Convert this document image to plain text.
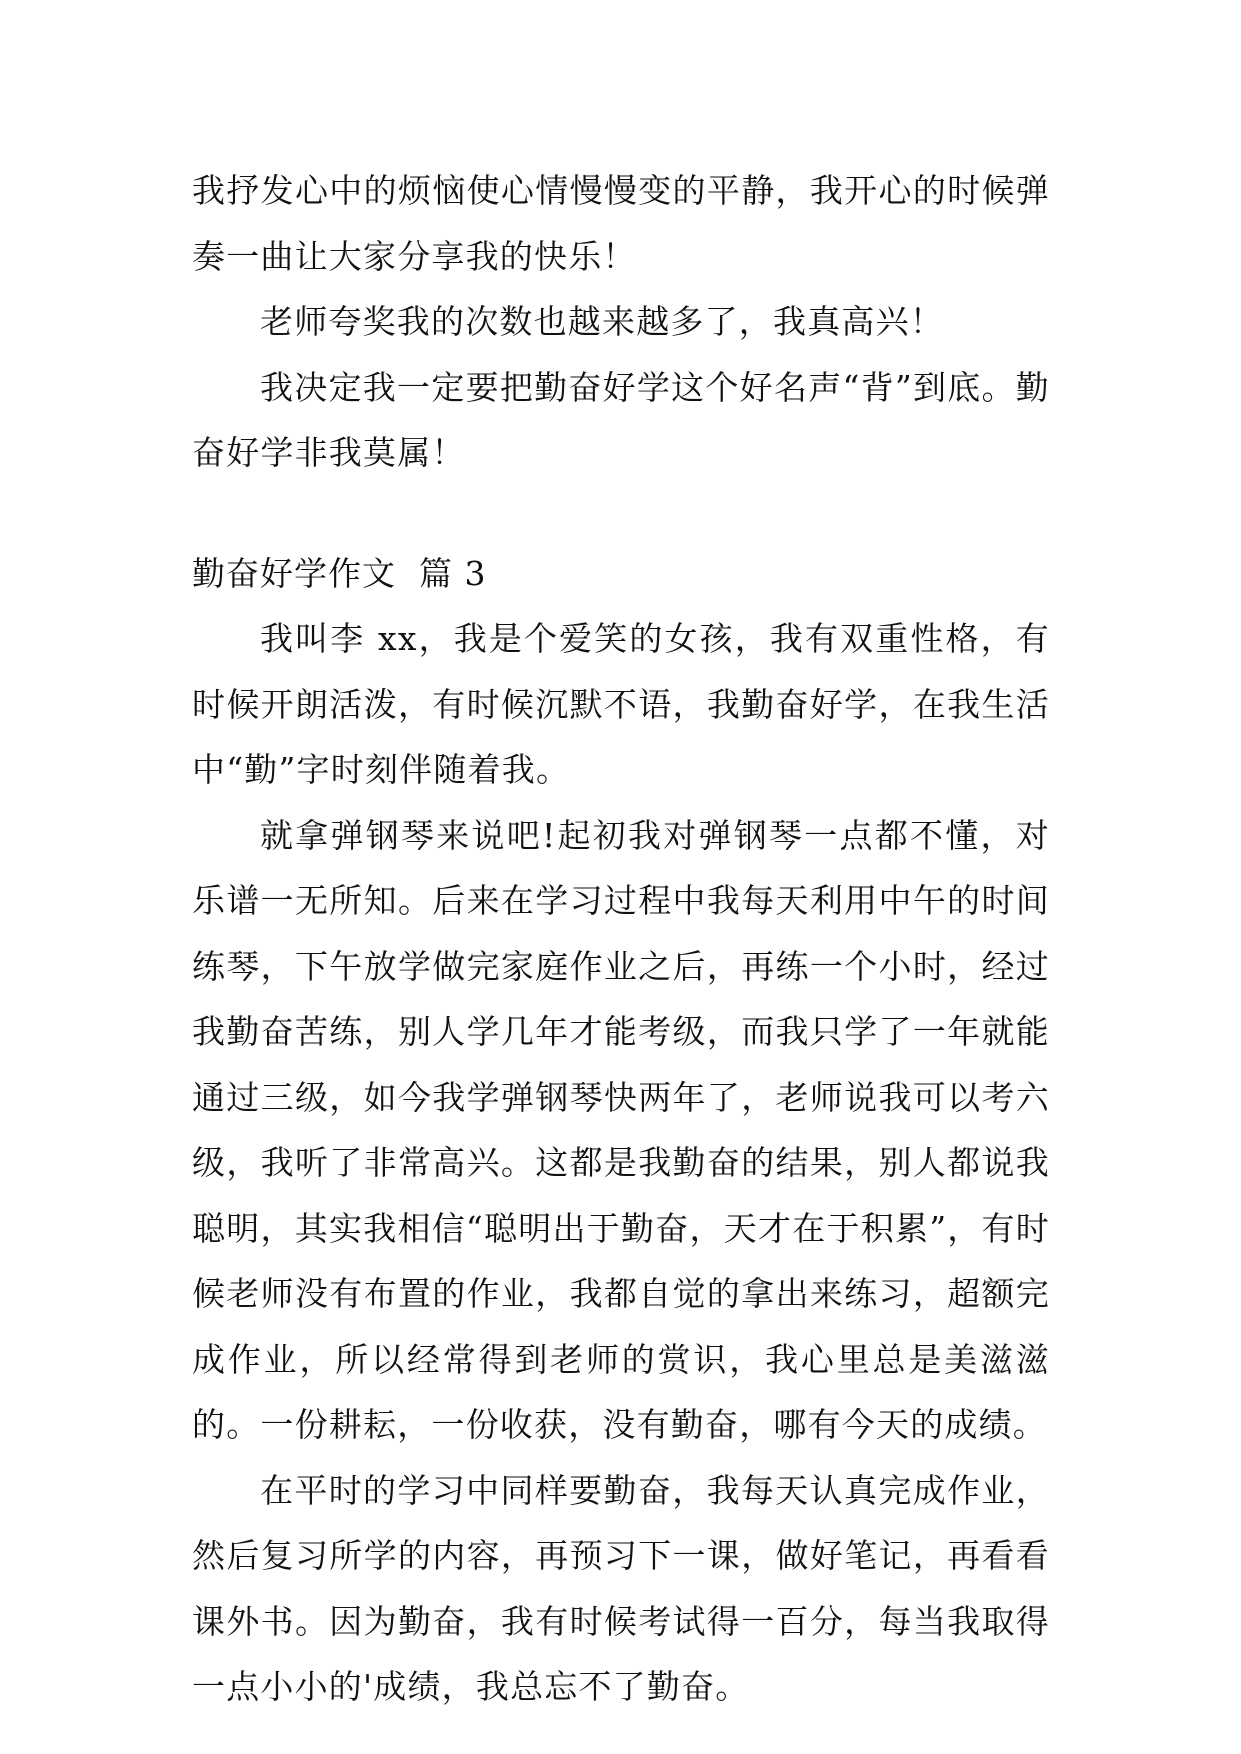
我抒发心中的烦恼使心情慢慢变的平静，我开心的时候弹奏一曲让大家分享我的快乐！

老师夸奖我的次数也越来越多了，我真高兴！

我决定我一定要把勤奋好学这个好名声“背”到底。勤奋好学非我莫属！

勤奋好学作文  篇 3

我叫李 xx，我是个爱笑的女孩，我有双重性格，有时候开朗活泼，有时候沉默不语，我勤奋好学，在我生活中“勤”字时刻伴随着我。

就拿弹钢琴来说吧!起初我对弹钢琴一点都不懂，对乐谱一无所知。后来在学习过程中我每天利用中午的时间练琴，下午放学做完家庭作业之后，再练一个小时，经过我勤奋苦练，别人学几年才能考级，而我只学了一年就能通过三级，如今我学弹钢琴快两年了，老师说我可以考六级，我听了非常高兴。这都是我勤奋的结果，别人都说我聪明，其实我相信“聪明出于勤奋，天才在于积累”，有时候老师没有布置的作业，我都自觉的拿出来练习，超额完成作业，所以经常得到老师的赏识，我心里总是美滋滋的。一份耕耘，一份收获，没有勤奋，哪有今天的成绩。

在平时的学习中同样要勤奋，我每天认真完成作业，然后复习所学的内容，再预习下一课，做好笔记，再看看课外书。因为勤奋，我有时候考试得一百分，每当我取得一点小小的'成绩，我总忘不了勤奋。
